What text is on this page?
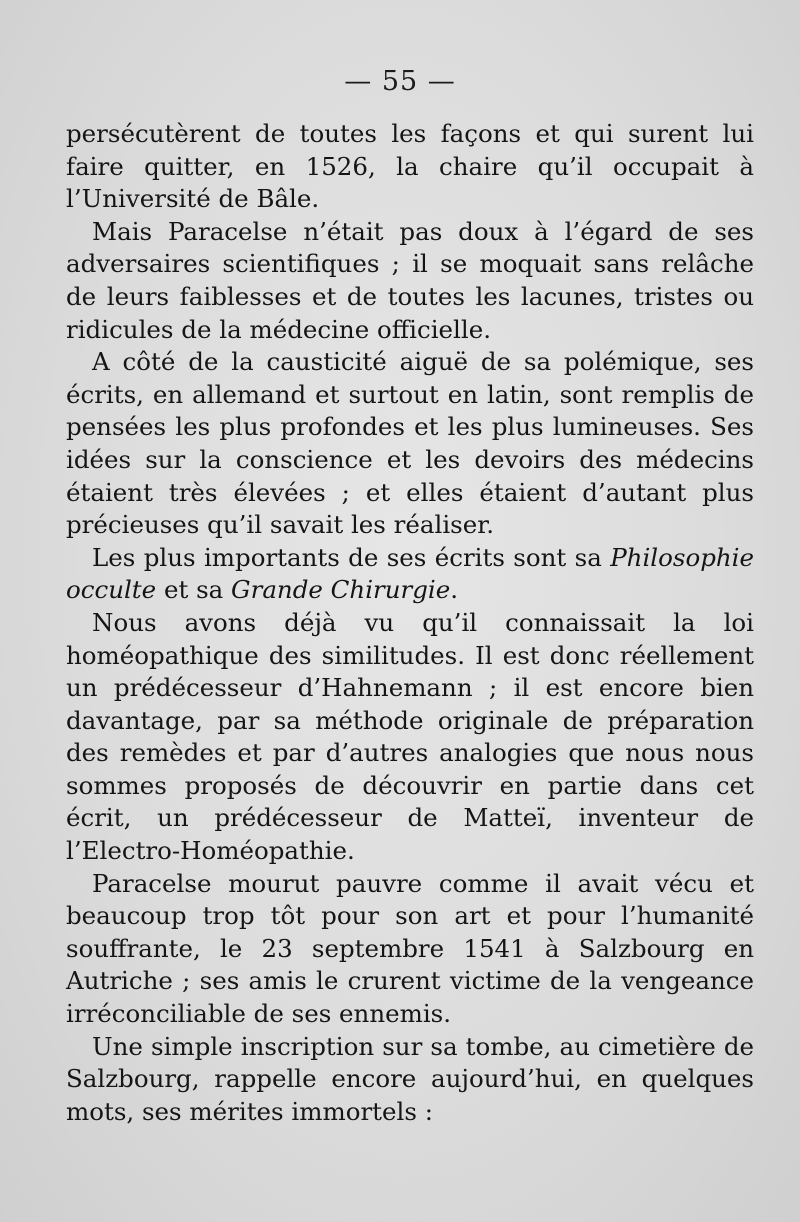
— 55 —

persécutèrent de toutes les façons et qui surent lui faire quitter, en 1526, la chaire qu’il occupait à l’Université de Bâle.

Mais Paracelse n’était pas doux à l’égard de ses adversaires scientifiques ; il se moquait sans relâche de leurs faiblesses et de toutes les lacunes, tristes ou ridicules de la médecine officielle.

A côté de la causticité aiguë de sa polémique, ses écrits, en allemand et surtout en latin, sont remplis de pensées les plus profondes et les plus lumineuses. Ses idées sur la conscience et les devoirs des médecins étaient très élevées ; et elles étaient d’autant plus précieuses qu’il savait les réaliser.

Les plus importants de ses écrits sont sa Philosophie occulte et sa Grande Chirurgie.

Nous avons déjà vu qu’il connaissait la loi homéopathique des similitudes. Il est donc réellement un prédécesseur d’Hahnemann ; il est encore bien davantage, par sa méthode originale de préparation des remèdes et par d’autres analogies que nous nous sommes proposés de découvrir en partie dans cet écrit, un prédécesseur de Matteï, inventeur de l’Electro-Homéopathie.

Paracelse mourut pauvre comme il avait vécu et beaucoup trop tôt pour son art et pour l’humanité souffrante, le 23 septembre 1541 à Salzbourg en Autriche ; ses amis le crurent victime de la vengeance irréconciliable de ses ennemis.

Une simple inscription sur sa tombe, au cimetière de Salzbourg, rappelle encore aujourd’hui, en quelques mots, ses mérites immortels :
